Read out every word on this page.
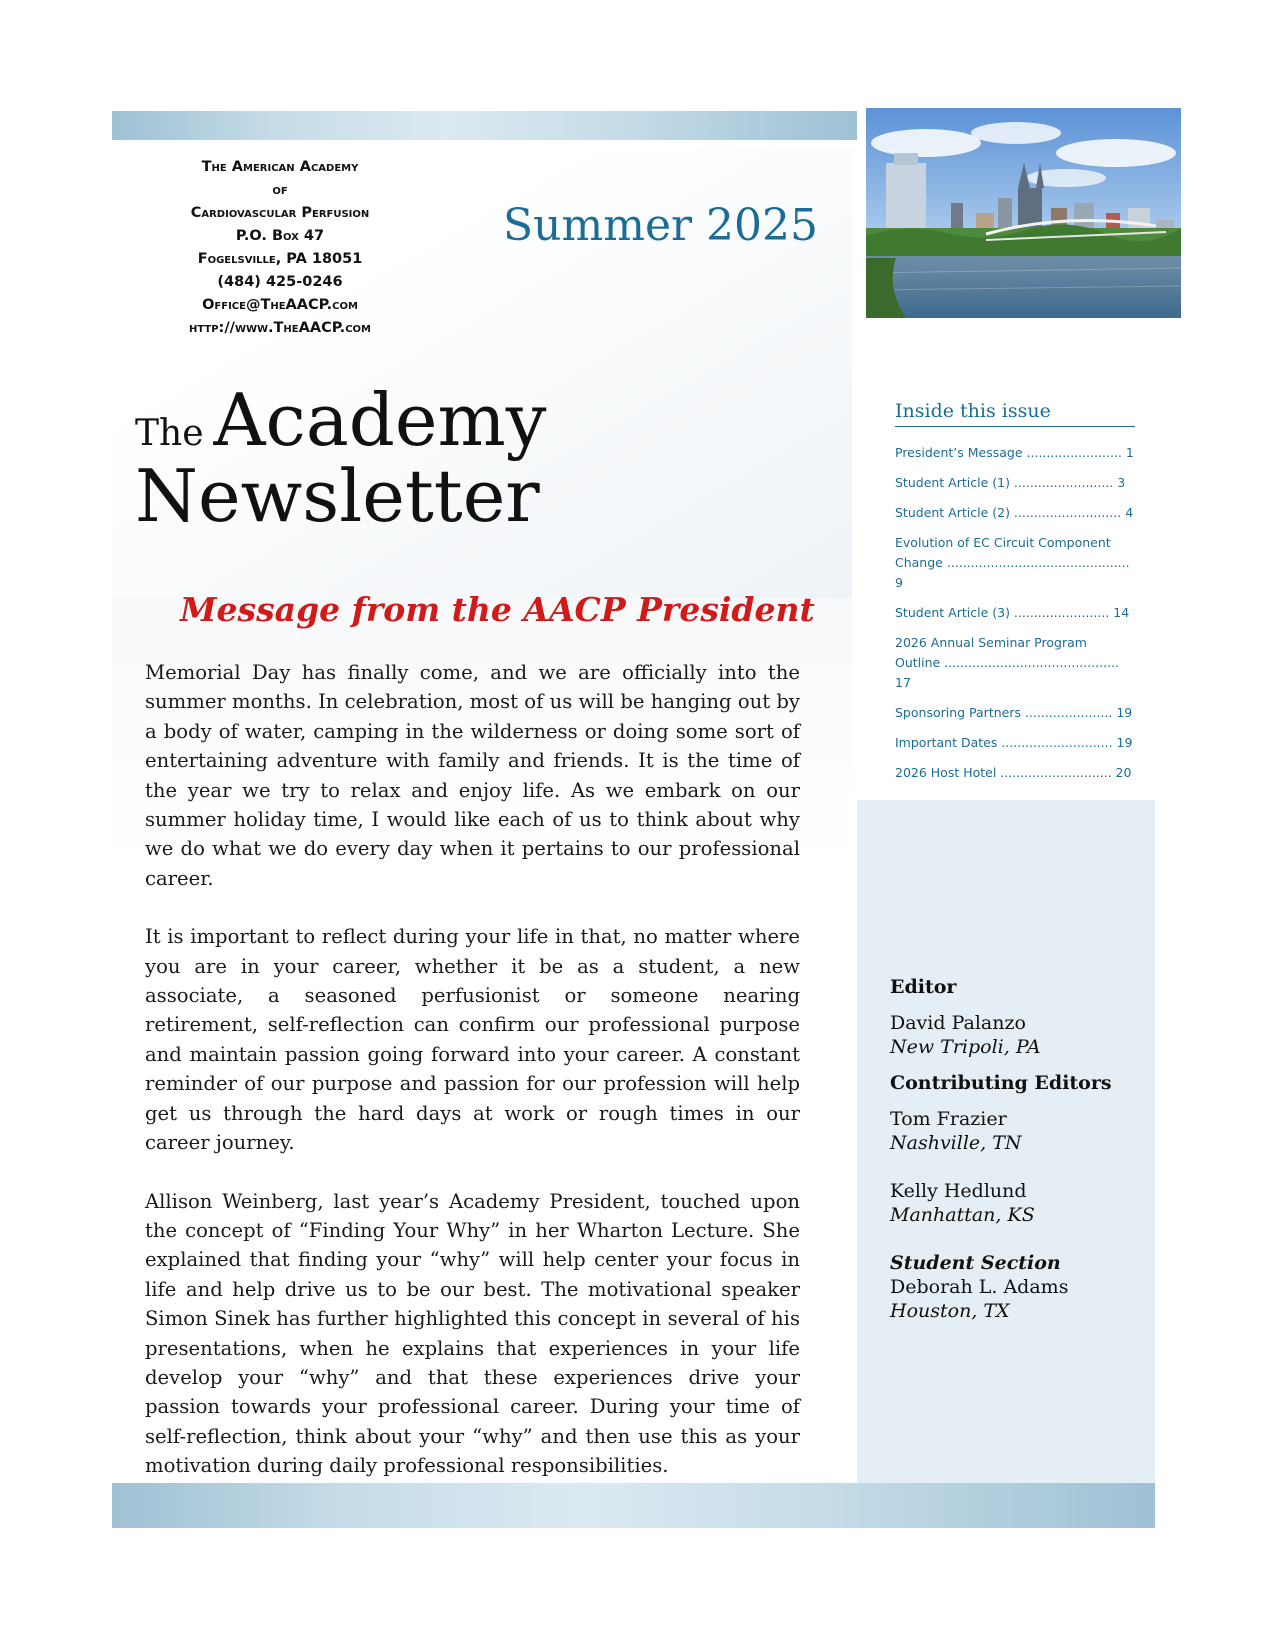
The American Academy
of
Cardiovascular Perfusion
P.O. Box 47
Fogelsville, PA 18051
(484) 425-0246
Office@TheAACP.com
http://www.TheAACP.com
Summer 2025
The Academy
Newsletter
Message from the AACP President

Memorial Day has finally come, and we are officially into the summer months. In celebration, most of us will be hanging out by a body of water, camping in the wilderness or doing some sort of entertaining adventure with family and friends. It is the time of the year we try to relax and enjoy life. As we embark on our summer holiday time, I would like each of us to think about why we do what we do every day when it pertains to our professional career.

It is important to reflect during your life in that, no matter where you are in your career, whether it be as a student, a new associate, a seasoned perfusionist or someone nearing retirement, self-reflection can confirm our professional purpose and maintain passion going forward into your career. A constant reminder of our purpose and passion for our profession will help get us through the hard days at work or rough times in our career journey.

Allison Weinberg, last year’s Academy President, touched upon the concept of “Finding Your Why” in her Wharton Lecture. She explained that finding your “why” will help center your focus in life and help drive us to be our best. The motivational speaker Simon Sinek has further highlighted this concept in several of his presentations, when he explains that experiences in your life develop your “why” and that these experiences drive your passion towards your professional career. During your time of self-reflection, think about your “why” and then use this as your motivation during daily professional responsibilities.

Inside this issue
President’s Message ........................ 1
Student Article (1) ......................... 3
Student Article (2) ........................... 4
Evolution of EC Circuit Component Change .............................................. 9
Student Article (3) ........................ 14
2026 Annual Seminar Program Outline ............................................ 17
Sponsoring Partners ...................... 19
Important Dates ............................ 19
2026 Host Hotel ............................ 20
Editor
David Palanzo
New Tripoli, PA
Contributing Editors
Tom Frazier
Nashville, TN
Kelly Hedlund
Manhattan, KS
Student Section
Deborah L. Adams
Houston, TX
